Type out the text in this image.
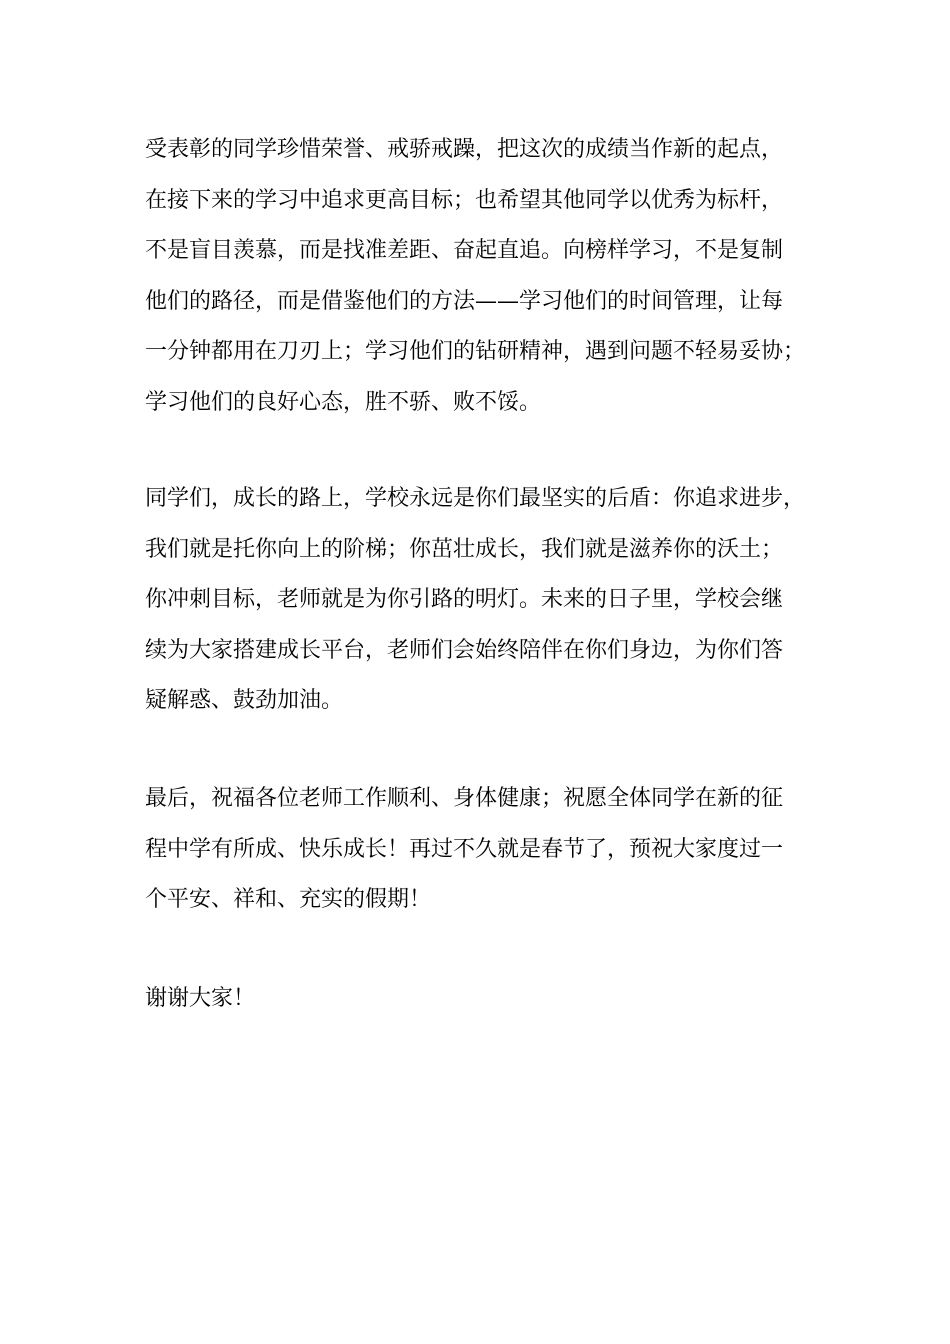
受表彰的同学珍惜荣誉、戒骄戒躁，把这次的成绩当作新的起点，
在接下来的学习中追求更高目标；也希望其他同学以优秀为标杆，
不是盲目羡慕，而是找准差距、奋起直追。向榜样学习，不是复制
他们的路径，而是借鉴他们的方法——学习他们的时间管理，让每
一分钟都用在刀刃上；学习他们的钻研精神，遇到问题不轻易妥协；
学习他们的良好心态，胜不骄、败不馁。
同学们，成长的路上，学校永远是你们最坚实的后盾：你追求进步，
我们就是托你向上的阶梯；你茁壮成长，我们就是滋养你的沃土；
你冲刺目标，老师就是为你引路的明灯。未来的日子里，学校会继
续为大家搭建成长平台，老师们会始终陪伴在你们身边，为你们答
疑解惑、鼓劲加油。
最后，祝福各位老师工作顺利、身体健康；祝愿全体同学在新的征
程中学有所成、快乐成长！再过不久就是春节了，预祝大家度过一
个平安、祥和、充实的假期！
谢谢大家！
